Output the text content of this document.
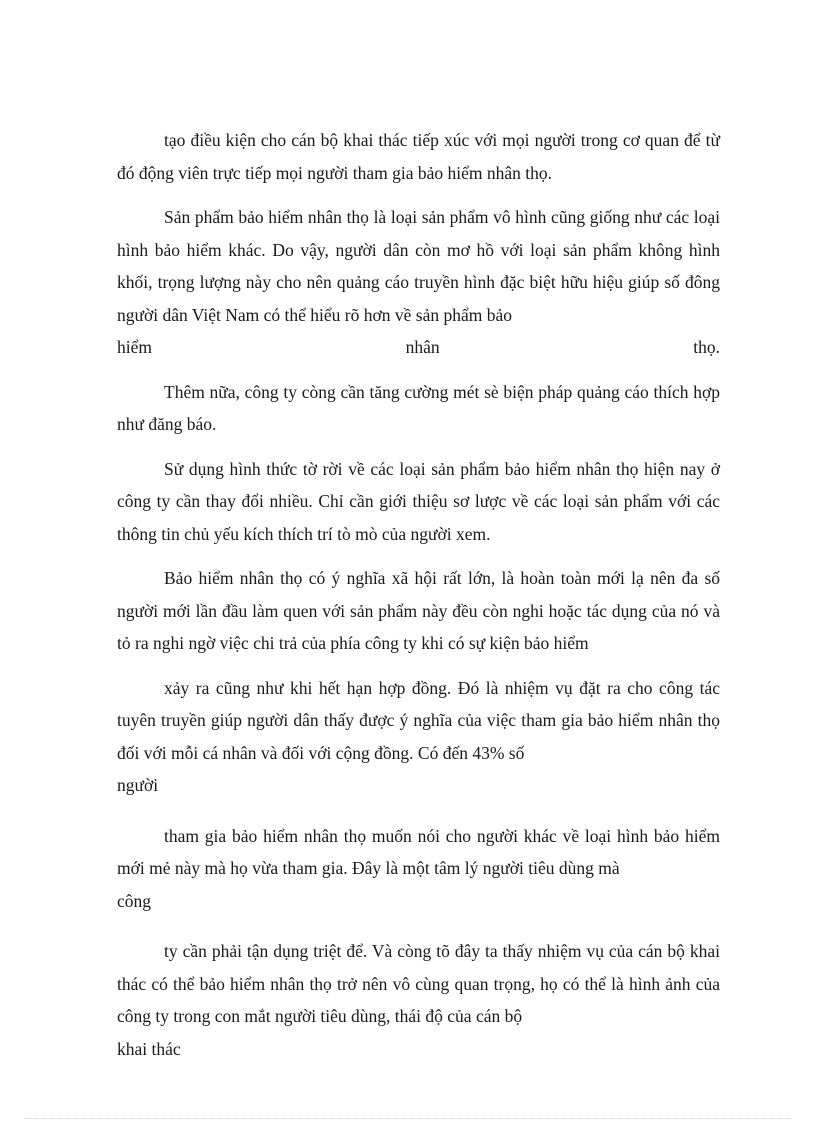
tạo điều kiện cho cán bộ khai thác tiếp xúc với mọi người trong cơ quan để từ đó động viên trực tiếp mọi người tham gia bảo hiểm nhân thọ.

Sản phẩm bảo hiểm nhân thọ là loại sản phẩm vô hình cũng giống như các loại hình bảo hiểm khác. Do vậy, người dân còn mơ hồ với loại sản phẩm không hình khối, trọng lượng này cho nên quảng cáo truyền hình đặc biệt hữu hiệu giúp số đông người dân Việt Nam có thể hiểu rõ hơn về sản phẩm bảo

hiểm	nhân	thọ.

Thêm nữa, công ty còng cần tăng cường mét sè biện pháp quảng cáo thích hợp như đăng báo.

Sử dụng hình thức tờ rời về các loại sản phẩm bảo hiểm nhân thọ hiện nay ở công ty cần thay đổi nhiều. Chỉ cần giới thiệu sơ lược về các loại sản phẩm với các thông tin chủ yếu kích thích trí tò mò của người xem.

Bảo hiểm nhân thọ có ý nghĩa xã hội rất lớn, là hoàn toàn mới lạ nên đa số người mới lần đầu làm quen với sản phẩm này đều còn nghi hoặc tác dụng của nó và tỏ ra nghi ngờ việc chi trả của phía công ty khi có sự kiện bảo hiểm

xảy ra cũng như khi hết hạn hợp đồng. Đó là nhiệm vụ đặt ra cho công tác tuyên truyền giúp người dân thấy được ý nghĩa của việc tham gia bảo hiểm nhân thọ đối với mỗi cá nhân và đối với cộng đồng. Có đến 43% số

người

tham gia bảo hiểm nhân thọ muốn nói cho người khác về loại hình bảo hiểm mới mẻ này mà họ vừa tham gia. Đây là một tâm lý người tiêu dùng mà

công

ty cần phải tận dụng triệt để. Và còng tõ đây ta thấy nhiệm vụ của cán bộ khai thác có thể bảo hiểm nhân thọ trở nên vô cùng quan trọng, họ có thể là hình ảnh của công ty trong con mắt người tiêu dùng, thái độ của cán bộ

khai thác
